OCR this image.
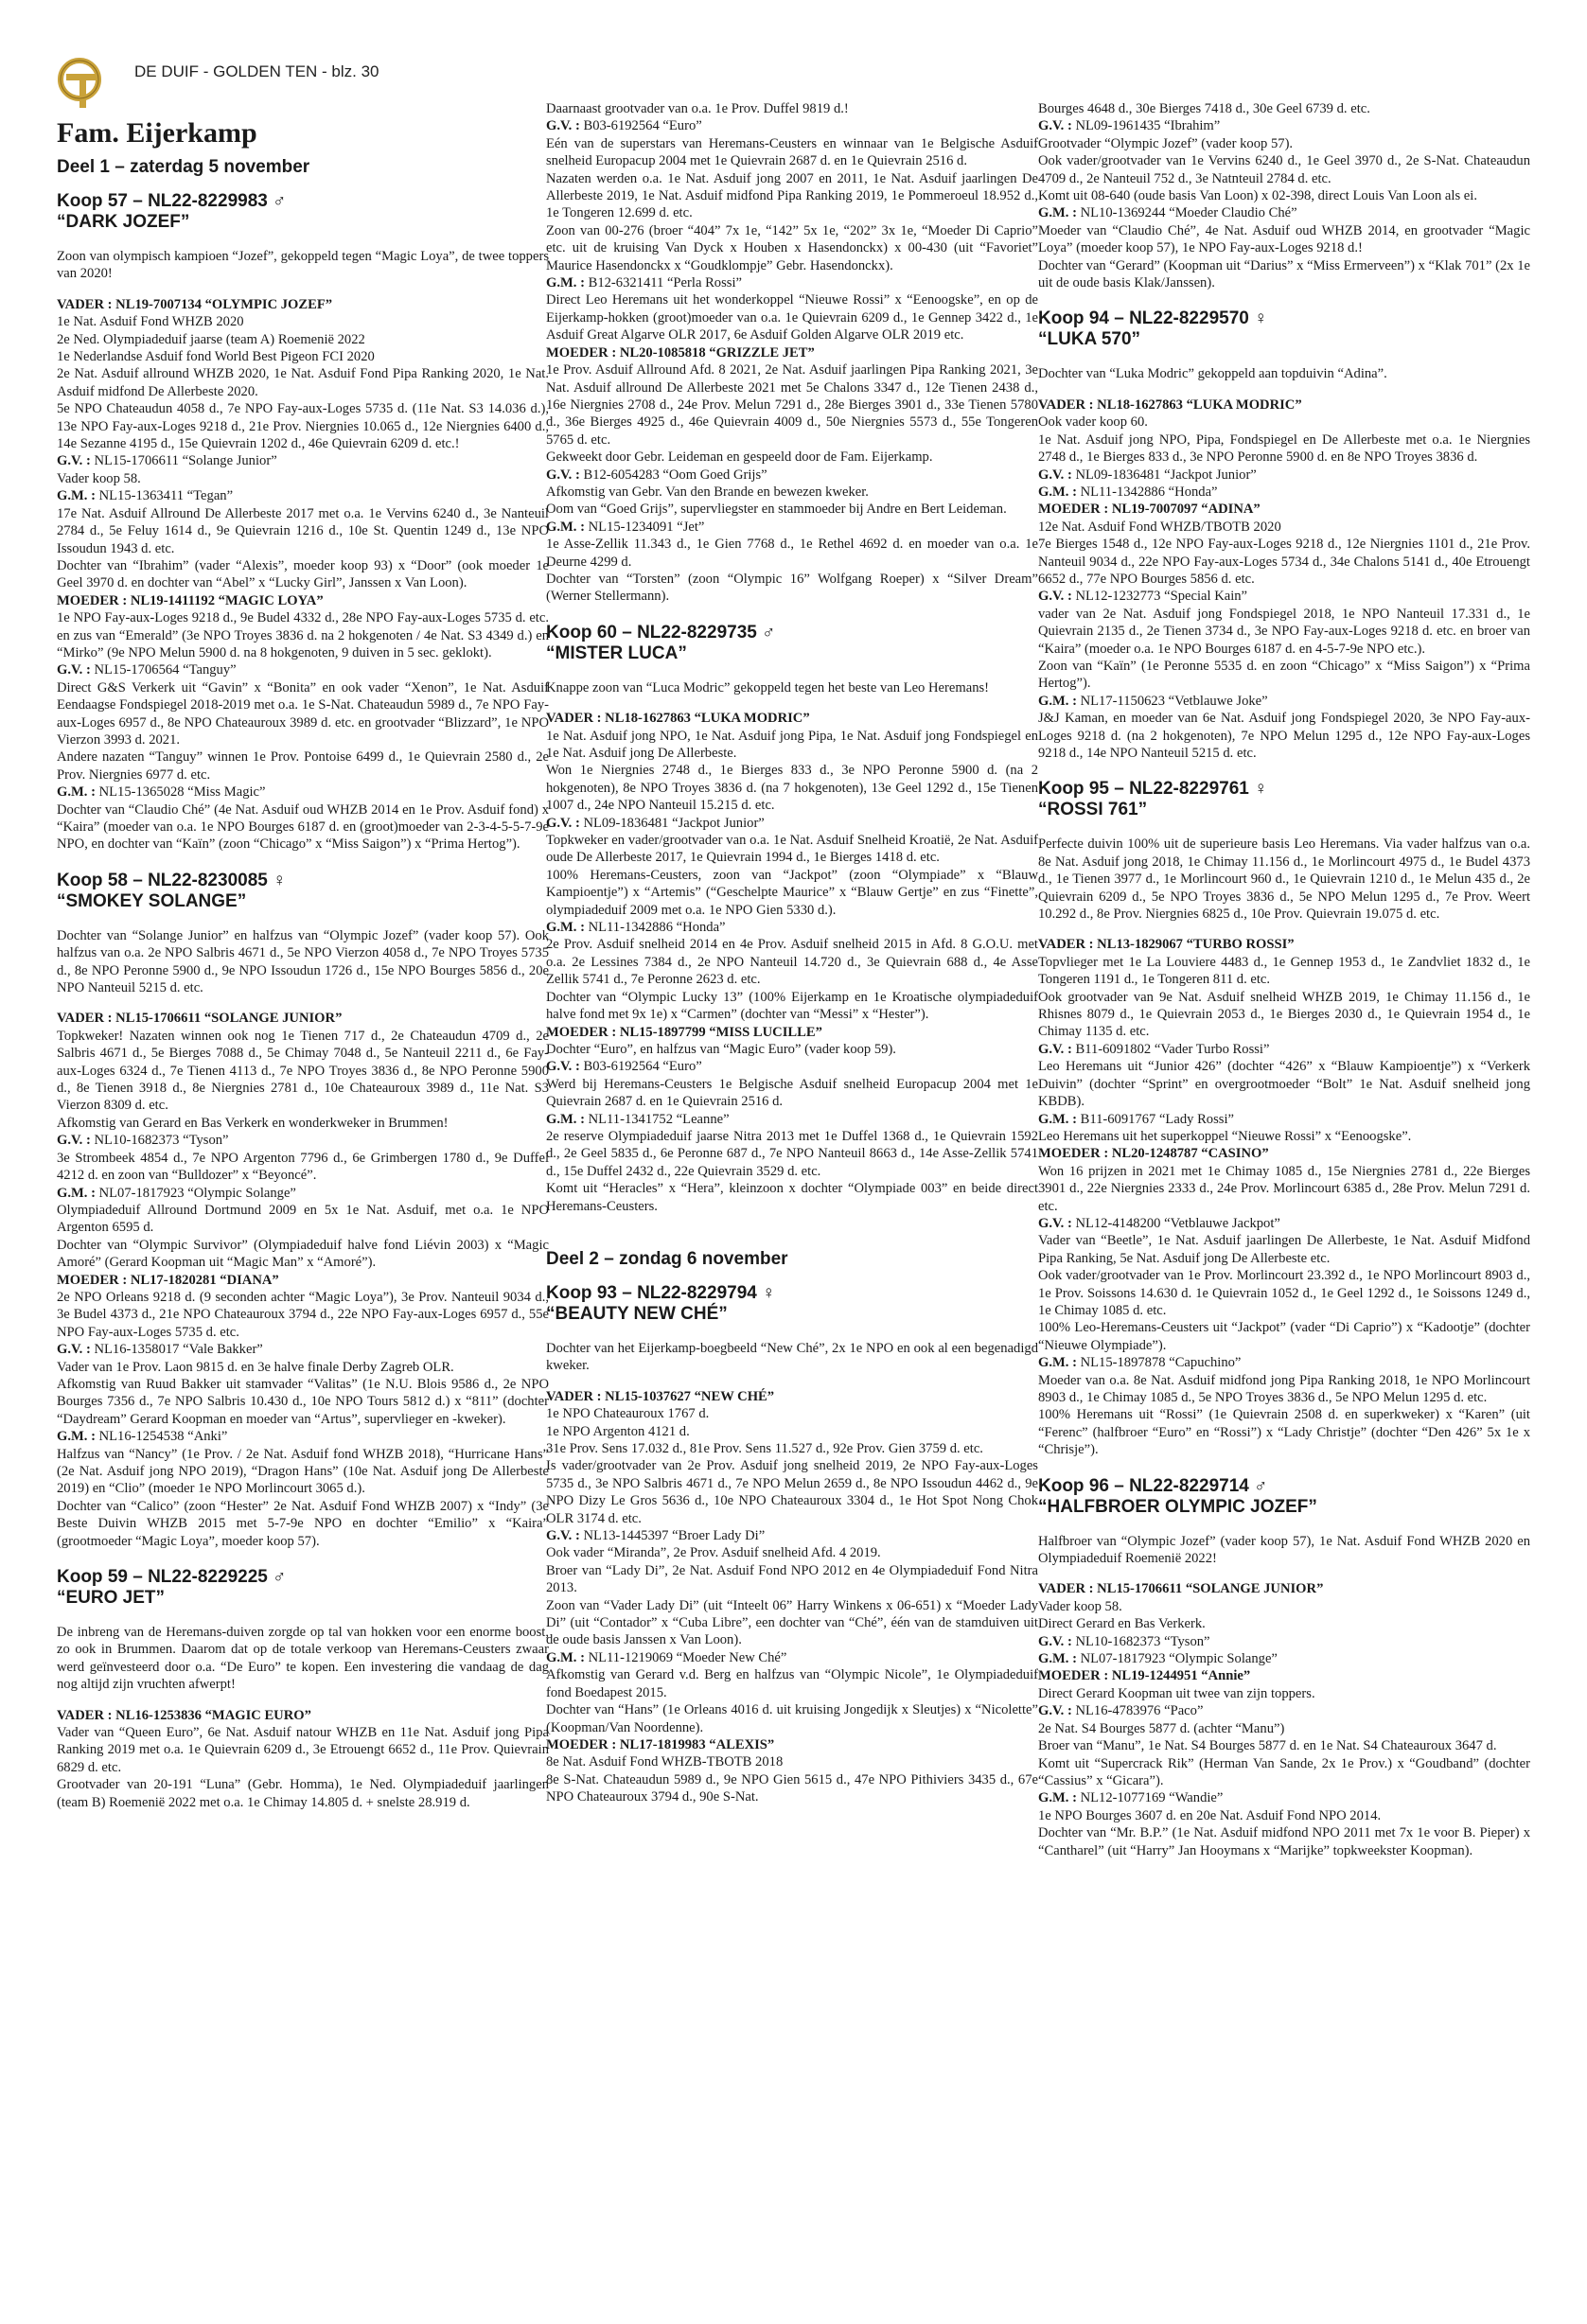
DE DUIF - GOLDEN TEN - blz. 30
Fam. Eijerkamp
Deel 1 – zaterdag 5 november
Koop 57 – NL22-8229983 ♂
“DARK JOZEF”

Zoon van olympisch kampioen “Jozef”, gekoppeld tegen “Magic Loya”, de twee toppers van 2020!

VADER : NL19-7007134 “OLYMPIC JOZEF”
1e Nat. Asduif Fond WHZB 2020
2e Ned. Olympiadeduif jaarse (team A) Roemenië 2022
1e Nederlandse Asduif fond World Best Pigeon FCI 2020
2e Nat. Asduif allround WHZB 2020, 1e Nat. Asduif Fond Pipa Ranking 2020, 1e Nat. Asduif midfond De Allerbeste 2020.
5e NPO Chateaudun 4058 d., 7e NPO Fay-aux-Loges 5735 d. (11e Nat. S3 14.036 d.), 13e NPO Fay-aux-Loges 9218 d., 21e Prov. Niergnies 10.065 d., 12e Niergnies 6400 d., 14e Sezanne 4195 d., 15e Quievrain 1202 d., 46e Quievrain 6209 d. etc.!
G.V. : NL15-1706611 “Solange Junior”
Vader koop 58.
G.M. : NL15-1363411 “Tegan”
17e Nat. Asduif Allround De Allerbeste 2017 met o.a. 1e Vervins 6240 d., 3e Nanteuil 2784 d., 5e Feluy 1614 d., 9e Quievrain 1216 d., 10e St. Quentin 1249 d., 13e NPO Issoudun 1943 d. etc.
Dochter van “Ibrahim” (vader “Alexis”, moeder koop 93) x “Door” (ook moeder 1e Geel 3970 d. en dochter van “Abel” x “Lucky Girl”, Janssen x Van Loon).
MOEDER : NL19-1411192 “MAGIC LOYA”
1e NPO Fay-aux-Loges 9218 d., 9e Budel 4332 d., 28e NPO Fay-aux-Loges 5735 d. etc. en zus van “Emerald” (3e NPO Troyes 3836 d. na 2 hokgenoten / 4e Nat. S3 4349 d.) en “Mirko” (9e NPO Melun 5900 d. na 8 hokgenoten, 9 duiven in 5 sec. geklokt).
G.V. : NL15-1706564 “Tanguy”
Direct G&S Verkerk uit “Gavin” x “Bonita” en ook vader “Xenon”, 1e Nat. Asduif Eendaagse Fondspiegel 2018-2019 met o.a. 1e S-Nat. Chateaudun 5989 d., 7e NPO Fay-aux-Loges 6957 d., 8e NPO Chateauroux 3989 d. etc. en grootvader “Blizzard”, 1e NPO Vierzon 3993 d. 2021.
Andere nazaten “Tanguy” winnen 1e Prov. Pontoise 6499 d., 1e Quievrain 2580 d., 2e Prov. Niergnies 6977 d. etc.
G.M. : NL15-1365028 “Miss Magic”
Dochter van “Claudio Ché” (4e Nat. Asduif oud WHZB 2014 en 1e Prov. Asduif fond) x “Kaira” (moeder van o.a. 1e NPO Bourges 6187 d. en (groot)moeder van 2-3-4-5-5-7-9e NPO, en dochter van “Kaïn” (zoon “Chicago” x “Miss Saigon”) x “Prima Hertog”).
Koop 58 – NL22-8230085 ♀
“SMOKEY SOLANGE”

Dochter van “Solange Junior” en halfzus van “Olympic Jozef” (vader koop 57). Ook halfzus van o.a. 2e NPO Salbris 4671 d., 5e NPO Vierzon 4058 d., 7e NPO Troyes 5735 d., 8e NPO Peronne 5900 d., 9e NPO Issoudun 1726 d., 15e NPO Bourges 5856 d., 20e NPO Nanteuil 5215 d. etc.

VADER : NL15-1706611 “SOLANGE JUNIOR”
Topkweker! Nazaten winnen ook nog 1e Tienen 717 d., 2e Chateaudun 4709 d., 2e Salbris 4671 d., 5e Bierges 7088 d., 5e Chimay 7048 d., 5e Nanteuil 2211 d., 6e Fay-aux-Loges 6324 d., 7e Tienen 4113 d., 7e NPO Troyes 3836 d., 8e NPO Peronne 5900 d., 8e Tienen 3918 d., 8e Niergnies 2781 d., 10e Chateauroux 3989 d., 11e Nat. S3 Vierzon 8309 d. etc.
Afkomstig van Gerard en Bas Verkerk en wonderkweker in Brummen!
G.V. : NL10-1682373 “Tyson”
3e Strombeek 4854 d., 7e NPO Argenton 7796 d., 6e Grimbergen 1780 d., 9e Duffel 4212 d. en zoon van “Bulldozer” x “Beyoncé”.
G.M. : NL07-1817923 “Olympic Solange”
Olympiadeduif Allround Dortmund 2009 en 5x 1e Nat. Asduif, met o.a. 1e NPO Argenton 6595 d.
Dochter van “Olympic Survivor” (Olympiadeduif halve fond Liévin 2003) x “Magic Amoré” (Gerard Koopman uit “Magic Man” x “Amoré”).
MOEDER : NL17-1820281 “DIANA”
2e NPO Orleans 9218 d. (9 seconden achter “Magic Loya”), 3e Prov. Nanteuil 9034 d., 3e Budel 4373 d., 21e NPO Chateauroux 3794 d., 22e NPO Fay-aux-Loges 6957 d., 55e NPO Fay-aux-Loges 5735 d. etc.
G.V. : NL16-1358017 “Vale Bakker”
Vader van 1e Prov. Laon 9815 d. en 3e halve finale Derby Zagreb OLR.
Afkomstig van Ruud Bakker uit stamvader “Valitas” (1e N.U. Blois 9586 d., 2e NPO Bourges 7356 d., 7e NPO Salbris 10.430 d., 10e NPO Tours 5812 d.) x “811” (dochter “Daydream” Gerard Koopman en moeder van “Artus”, supervlieger en -kweker).
G.M. : NL16-1254538 “Anki”
Halfzus van “Nancy” (1e Prov. / 2e Nat. Asduif fond WHZB 2018), “Hurricane Hans” (2e Nat. Asduif jong NPO 2019), “Dragon Hans” (10e Nat. Asduif jong De Allerbeste 2019) en “Clio” (moeder 1e NPO Morlincourt 3065 d.).
Dochter van “Calico” (zoon “Hester” 2e Nat. Asduif Fond WHZB 2007) x “Indy” (3e Beste Duivin WHZB 2015 met 5-7-9e NPO en dochter “Emilio” x “Kaira” (grootmoeder “Magic Loya”, moeder koop 57).
Koop 59 – NL22-8229225 ♂
“EURO JET”

De inbreng van de Heremans-duiven zorgde op tal van hokken voor een enorme boost, zo ook in Brummen. Daarom dat op de totale verkoop van Heremans-Ceusters zwaar werd geïnvesteerd door o.a. “De Euro” te kopen. Een investering die vandaag de dag nog altijd zijn vruchten afwerpt!

VADER : NL16-1253836 “MAGIC EURO”
Vader van “Queen Euro”, 6e Nat. Asduif natour WHZB en 11e Nat. Asduif jong Pipa Ranking 2019 met o.a. 1e Quievrain 6209 d., 3e Etrouengt 6652 d., 11e Prov. Quievrain 6829 d. etc.
Grootvader van 20-191 “Luna” (Gebr. Homma), 1e Ned. Olympiadeduif jaarlingen (team B) Roemenië 2022 met o.a. 1e Chimay 14.805 d. + snelste 28.919 d.
Daarnaast grootvader van o.a. 1e Prov. Duffel 9819 d.!
G.V. : B03-6192564 “Euro”
Eén van de superstars van Heremans-Ceusters en winnaar van 1e Belgische Asduif snelheid Europacup 2004 met 1e Quievrain 2687 d. en 1e Quievrain 2516 d.
Nazaten werden o.a. 1e Nat. Asduif jong 2007 en 2011, 1e Nat. Asduif jaarlingen De Allerbeste 2019, 1e Nat. Asduif midfond Pipa Ranking 2019, 1e Pommeroeul 18.952 d., 1e Tongeren 12.699 d. etc.
Zoon van 00-276 (broer “404” 7x 1e, “142” 5x 1e, “202” 3x 1e, “Moeder Di Caprio” etc. uit de kruising Van Dyck x Houben x Hasendonckx) x 00-430 (uit “Favoriet” Maurice Hasendonckx x “Goudklompje” Gebr. Hasendonckx).
G.M. : B12-6321411 “Perla Rossi”
Direct Leo Heremans uit het wonderkoppel “Nieuwe Rossi” x “Eenoogske”, en op de Eijerkamp-hokken (groot)moeder van o.a. 1e Quievrain 6209 d., 1e Gennep 3422 d., 1e Asduif Great Algarve OLR 2017, 6e Asduif Golden Algarve OLR 2019 etc.
MOEDER : NL20-1085818 “GRIZZLE JET”
1e Prov. Asduif Allround Afd. 8 2021, 2e Nat. Asduif jaarlingen Pipa Ranking 2021, 3e Nat. Asduif allround De Allerbeste 2021 met 5e Chalons 3347 d., 12e Tienen 2438 d., 16e Niergnies 2708 d., 24e Prov. Melun 7291 d., 28e Bierges 3901 d., 33e Tienen 5780 d., 36e Bierges 4925 d., 46e Quievrain 4009 d., 50e Niergnies 5573 d., 55e Tongeren 5765 d. etc.
Gekweekt door Gebr. Leideman en gespeeld door de Fam. Eijerkamp.
G.V. : B12-6054283 “Oom Goed Grijs”
Afkomstig van Gebr. Van den Brande en bewezen kweker.
Oom van “Goed Grijs”, supervliegster en stammoeder bij Andre en Bert Leideman.
G.M. : NL15-1234091 “Jet”
1e Asse-Zellik 11.343 d., 1e Gien 7768 d., 1e Rethel 4692 d. en moeder van o.a. 1e Deurne 4299 d.
Dochter van “Torsten” (zoon “Olympic 16” Wolfgang Roeper) x “Silver Dream” (Werner Stellermann).
Koop 60 – NL22-8229735 ♂
“MISTER LUCA”

Knappe zoon van “Luca Modric” gekoppeld tegen het beste van Leo Heremans!

VADER : NL18-1627863 “LUKA MODRIC”
1e Nat. Asduif jong NPO, 1e Nat. Asduif jong Pipa, 1e Nat. Asduif jong Fondspiegel en 1e Nat. Asduif jong De Allerbeste.
Won 1e Niergnies 2748 d., 1e Bierges 833 d., 3e NPO Peronne 5900 d. (na 2 hokgenoten), 8e NPO Troyes 3836 d. (na 7 hokgenoten), 13e Geel 1292 d., 15e Tienen 1007 d., 24e NPO Nanteuil 15.215 d. etc.
G.V. : NL09-1836481 “Jackpot Junior”
Topkweker en vader/grootvader van o.a. 1e Nat. Asduif Snelheid Kroatië, 2e Nat. Asduif oude De Allerbeste 2017, 1e Quievrain 1994 d., 1e Bierges 1418 d. etc.
100% Heremans-Ceusters, zoon van “Jackpot” (zoon “Olympiade” x “Blauw Kampioentje”) x “Artemis” (“Geschelpte Maurice” x “Blauw Gertje” en zus “Finette”, olympiadeduif 2009 met o.a. 1e NPO Gien 5330 d.).
G.M. : NL11-1342886 “Honda”
2e Prov. Asduif snelheid 2014 en 4e Prov. Asduif snelheid 2015 in Afd. 8 G.O.U. met o.a. 2e Lessines 7384 d., 2e NPO Nanteuil 14.720 d., 3e Quievrain 688 d., 4e Asse Zellik 5741 d., 7e Peronne 2623 d. etc.
Dochter van “Olympic Lucky 13” (100% Eijerkamp en 1e Kroatische olympiadeduif halve fond met 9x 1e) x “Carmen” (dochter van “Messi” x “Hester”).
MOEDER : NL15-1897799 “MISS LUCILLE”
Dochter “Euro”, en halfzus van “Magic Euro” (vader koop 59).
G.V. : B03-6192564 “Euro”
Werd bij Heremans-Ceusters 1e Belgische Asduif snelheid Europacup 2004 met 1e Quievrain 2687 d. en 1e Quievrain 2516 d.
G.M. : NL11-1341752 “Leanne”
2e reserve Olympiadeduif jaarse Nitra 2013 met 1e Duffel 1368 d., 1e Quievrain 1592 d., 2e Geel 5835 d., 6e Peronne 687 d., 7e NPO Nanteuil 8663 d., 14e Asse-Zellik 5741 d., 15e Duffel 2432 d., 22e Quievrain 3529 d. etc.
Komt uit “Heracles” x “Hera”, kleinzoon x dochter “Olympiade 003” en beide direct Heremans-Ceusters.
Deel 2 – zondag 6 november
Koop 93 – NL22-8229794 ♀
“BEAUTY NEW CHÉ”

Dochter van het Eijerkamp-boegbeeld “New Ché”, 2x 1e NPO en ook al een begenadigd kweker.

VADER : NL15-1037627 “NEW CHÉ”
1e NPO Chateauroux 1767 d.
1e NPO Argenton 4121 d.
31e Prov. Sens 17.032 d., 81e Prov. Sens 11.527 d., 92e Prov. Gien 3759 d. etc.
Is vader/grootvader van 2e Prov. Asduif jong snelheid 2019, 2e NPO Fay-aux-Loges 5735 d., 3e NPO Salbris 4671 d., 7e NPO Melun 2659 d., 8e NPO Issoudun 4462 d., 9e NPO Dizy Le Gros 5636 d., 10e NPO Chateauroux 3304 d., 1e Hot Spot Nong Chok OLR 3174 d. etc.
G.V. : NL13-1445397 “Broer Lady Di”
Ook vader “Miranda”, 2e Prov. Asduif snelheid Afd. 4 2019.
Broer van “Lady Di”, 2e Nat. Asduif Fond NPO 2012 en 4e Olympiadeduif Fond Nitra 2013.
Zoon van “Vader Lady Di” (uit “Inteelt 06” Harry Winkens x 06-651) x “Moeder Lady Di” (uit “Contador” x “Cuba Libre”, een dochter van “Ché”, één van de stamduiven uit de oude basis Janssen x Van Loon).
G.M. : NL11-1219069 “Moeder New Ché”
Afkomstig van Gerard v.d. Berg en halfzus van “Olympic Nicole”, 1e Olympiadeduif fond Boedapest 2015.
Dochter van “Hans” (1e Orleans 4016 d. uit kruising Jongedijk x Sleutjes) x “Nicolette” (Koopman/Van Noordenne).
MOEDER : NL17-1819983 “ALEXIS”
8e Nat. Asduif Fond WHZB-TBOTB 2018
8e S-Nat. Chateaudun 5989 d., 9e NPO Gien 5615 d., 47e NPO Pithiviers 3435 d., 67e NPO Chateauroux 3794 d., 90e S-Nat.
Bourges 4648 d., 30e Bierges 7418 d., 30e Geel 6739 d. etc.
G.V. : NL09-1961435 “Ibrahim”
Grootvader “Olympic Jozef” (vader koop 57).
Ook vader/grootvader van 1e Vervins 6240 d., 1e Geel 3970 d., 2e S-Nat. Chateaudun 4709 d., 2e Nanteuil 752 d., 3e Natnteuil 2784 d. etc.
Komt uit 08-640 (oude basis Van Loon) x 02-398, direct Louis Van Loon als ei.
G.M. : NL10-1369244 “Moeder Claudio Ché”
Moeder van “Claudio Ché”, 4e Nat. Asduif oud WHZB 2014, en grootvader “Magic Loya” (moeder koop 57), 1e NPO Fay-aux-Loges 9218 d.!
Dochter van “Gerard” (Koopman uit “Darius” x “Miss Ermerveen”) x “Klak 701” (2x 1e uit de oude basis Klak/Janssen).
Koop 94 – NL22-8229570 ♀
“LUKA 570”

Dochter van “Luka Modric” gekoppeld aan topduivin “Adina”.

VADER : NL18-1627863 “LUKA MODRIC”
Ook vader koop 60.
1e Nat. Asduif jong NPO, Pipa, Fondspiegel en De Allerbeste met o.a. 1e Niergnies 2748 d., 1e Bierges 833 d., 3e NPO Peronne 5900 d. en 8e NPO Troyes 3836 d.
G.V. : NL09-1836481 “Jackpot Junior”
G.M. : NL11-1342886 “Honda”
MOEDER : NL19-7007097 “ADINA”
12e Nat. Asduif Fond WHZB/TBOTB 2020
7e Bierges 1548 d., 12e NPO Fay-aux-Loges 9218 d., 12e Niergnies 1101 d., 21e Prov. Nanteuil 9034 d., 22e NPO Fay-aux-Loges 5734 d., 34e Chalons 5141 d., 40e Etrouengt 6652 d., 77e NPO Bourges 5856 d. etc.
G.V. : NL12-1232773 “Special Kain”
vader van 2e Nat. Asduif jong Fondspiegel 2018, 1e NPO Nanteuil 17.331 d., 1e Quievrain 2135 d., 2e Tienen 3734 d., 3e NPO Fay-aux-Loges 9218 d. etc. en broer van “Kaira” (moeder o.a. 1e NPO Bourges 6187 d. en 4-5-7-9e NPO etc.).
Zoon van “Kaïn” (1e Peronne 5535 d. en zoon “Chicago” x “Miss Saigon”) x “Prima Hertog”).
G.M. : NL17-1150623 “Vetblauwe Joke”
J&J Kaman, en moeder van 6e Nat. Asduif jong Fondspiegel 2020, 3e NPO Fay-aux-Loges 9218 d. (na 2 hokgenoten), 7e NPO Melun 1295 d., 12e NPO Fay-aux-Loges 9218 d., 14e NPO Nanteuil 5215 d. etc.
Koop 95 – NL22-8229761 ♀
“ROSSI 761”

Perfecte duivin 100% uit de superieure basis Leo Heremans. Via vader halfzus van o.a. 8e Nat. Asduif jong 2018, 1e Chimay 11.156 d., 1e Morlincourt 4975 d., 1e Budel 4373 d., 1e Tienen 3977 d., 1e Morlincourt 960 d., 1e Quievrain 1210 d., 1e Melun 435 d., 2e Quievrain 6209 d., 5e NPO Troyes 3836 d., 5e NPO Melun 1295 d., 7e Prov. Weert 10.292 d., 8e Prov. Niergnies 6825 d., 10e Prov. Quievrain 19.075 d. etc.

VADER : NL13-1829067 “TURBO ROSSI”
Topvlieger met 1e La Louviere 4483 d., 1e Gennep 1953 d., 1e Zandvliet 1832 d., 1e Tongeren 1191 d., 1e Tongeren 811 d. etc.
Ook grootvader van 9e Nat. Asduif snelheid WHZB 2019, 1e Chimay 11.156 d., 1e Rhisnes 8079 d., 1e Quievrain 2053 d., 1e Bierges 2030 d., 1e Quievrain 1954 d., 1e Chimay 1135 d. etc.
G.V. : B11-6091802 “Vader Turbo Rossi”
Leo Heremans uit “Junior 426” (dochter “426” x “Blauw Kampioentje”) x “Verkerk Duivin” (dochter “Sprint” en overgrootmoeder “Bolt” 1e Nat. Asduif snelheid jong KBDB).
G.M. : B11-6091767 “Lady Rossi”
Leo Heremans uit het superkoppel “Nieuwe Rossi” x “Eenoogske”.
MOEDER : NL20-1248787 “CASINO”
Won 16 prijzen in 2021 met 1e Chimay 1085 d., 15e Niergnies 2781 d., 22e Bierges 3901 d., 22e Niergnies 2333 d., 24e Prov. Morlincourt 6385 d., 28e Prov. Melun 7291 d. etc.
G.V. : NL12-4148200 “Vetblauwe Jackpot”
Vader van “Beetle”, 1e Nat. Asduif jaarlingen De Allerbeste, 1e Nat. Asduif Midfond Pipa Ranking, 5e Nat. Asduif jong De Allerbeste etc.
Ook vader/grootvader van 1e Prov. Morlincourt 23.392 d., 1e NPO Morlincourt 8903 d., 1e Prov. Soissons 14.630 d. 1e Quievrain 1052 d., 1e Geel 1292 d., 1e Soissons 1249 d., 1e Chimay 1085 d. etc.
100% Leo-Heremans-Ceusters uit “Jackpot” (vader “Di Caprio”) x “Kadootje” (dochter “Nieuwe Olympiade”).
G.M. : NL15-1897878 “Capuchino”
Moeder van o.a. 8e Nat. Asduif midfond jong Pipa Ranking 2018, 1e NPO Morlincourt 8903 d., 1e Chimay 1085 d., 5e NPO Troyes 3836 d., 5e NPO Melun 1295 d. etc.
100% Heremans uit “Rossi” (1e Quievrain 2508 d. en superkweker) x “Karen” (uit “Ferenc” (halfbroer “Euro” en “Rossi”) x “Lady Christje” (dochter “Den 426” 5x 1e x “Chrisje”).
Koop 96 – NL22-8229714 ♂
“HALFBROER OLYMPIC JOZEF”

Halfbroer van “Olympic Jozef” (vader koop 57), 1e Nat. Asduif Fond WHZB 2020 en Olympiadeduif Roemenië 2022!

VADER : NL15-1706611 “SOLANGE JUNIOR”
Vader koop 58.
Direct Gerard en Bas Verkerk.
G.V. : NL10-1682373 “Tyson”
G.M. : NL07-1817923 “Olympic Solange”
MOEDER : NL19-1244951 “Annie”
Direct Gerard Koopman uit twee van zijn toppers.
G.V. : NL16-4783976 “Paco”
2e Nat. S4 Bourges 5877 d. (achter “Manu”)
Broer van “Manu”, 1e Nat. S4 Bourges 5877 d. en 1e Nat. S4 Chateauroux 3647 d.
Komt uit “Supercrack Rik” (Herman Van Sande, 2x 1e Prov.) x “Goudband” (dochter “Cassius” x “Gicara”).
G.M. : NL12-1077169 “Wandie”
1e NPO Bourges 3607 d. en 20e Nat. Asduif Fond NPO 2014.
Dochter van “Mr. B.P.” (1e Nat. Asduif midfond NPO 2011 met 7x 1e voor B. Pieper) x “Cantharel” (uit “Harry” Jan Hooymans x “Marijke” topkweekster Koopman).
